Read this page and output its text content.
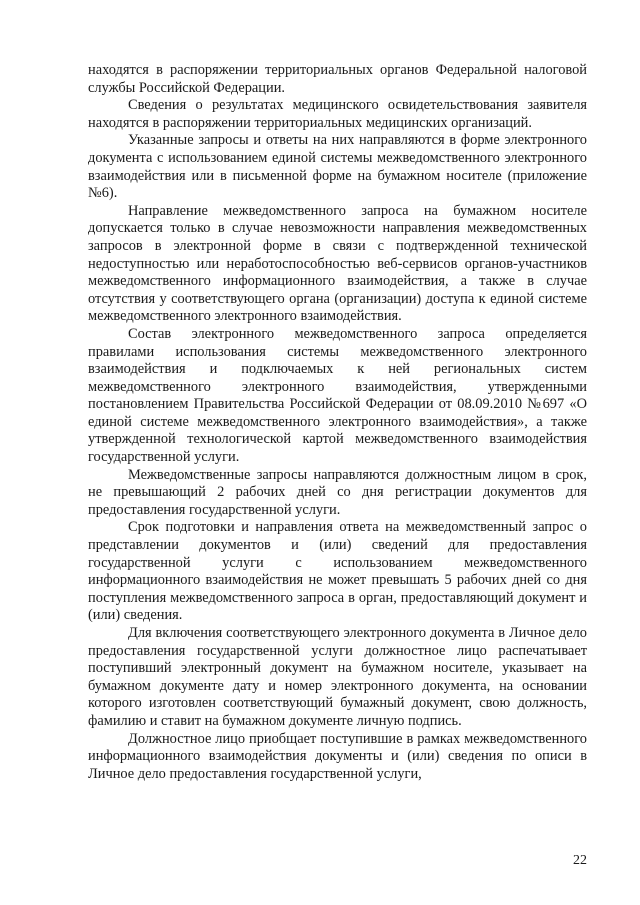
находятся в распоряжении территориальных органов Федеральной налоговой службы Российской Федерации.

Сведения о результатах медицинского освидетельствования заявителя находятся в распоряжении территориальных медицинских организаций.

Указанные запросы и ответы на них направляются в форме электронного документа с использованием единой системы межведомственного электронного взаимодействия или в письменной форме на бумажном носителе (приложение №6).

Направление межведомственного запроса на бумажном носителе допускается только в случае невозможности направления межведомственных запросов в электронной форме в связи с подтвержденной технической недоступностью или неработоспособностью веб-сервисов органов-участников межведомственного информационного взаимодействия, а также в случае отсутствия у соответствующего органа (организации) доступа к единой системе межведомственного электронного взаимодействия.

Состав электронного межведомственного запроса определяется правилами использования системы межведомственного электронного взаимодействия и подключаемых к ней региональных систем межведомственного электронного взаимодействия, утвержденными постановлением Правительства Российской Федерации от 08.09.2010 №697 «О единой системе межведомственного электронного взаимодействия», а также утвержденной технологической картой межведомственного взаимодействия государственной услуги.

Межведомственные запросы направляются должностным лицом в срок, не превышающий 2 рабочих дней со дня регистрации документов для предоставления государственной услуги.

Срок подготовки и направления ответа на межведомственный запрос о представлении документов и (или) сведений для предоставления государственной услуги с использованием межведомственного информационного взаимодействия не может превышать 5 рабочих дней со дня поступления межведомственного запроса в орган, предоставляющий документ и (или) сведения.

Для включения соответствующего электронного документа в Личное дело предоставления государственной услуги должностное лицо распечатывает поступивший электронный документ на бумажном носителе, указывает на бумажном документе дату и номер электронного документа, на основании которого изготовлен соответствующий бумажный документ, свою должность, фамилию и ставит на бумажном документе личную подпись.

Должностное лицо приобщает поступившие в рамках межведомственного информационного взаимодействия документы и (или) сведения по описи в Личное дело предоставления государственной услуги,

22
